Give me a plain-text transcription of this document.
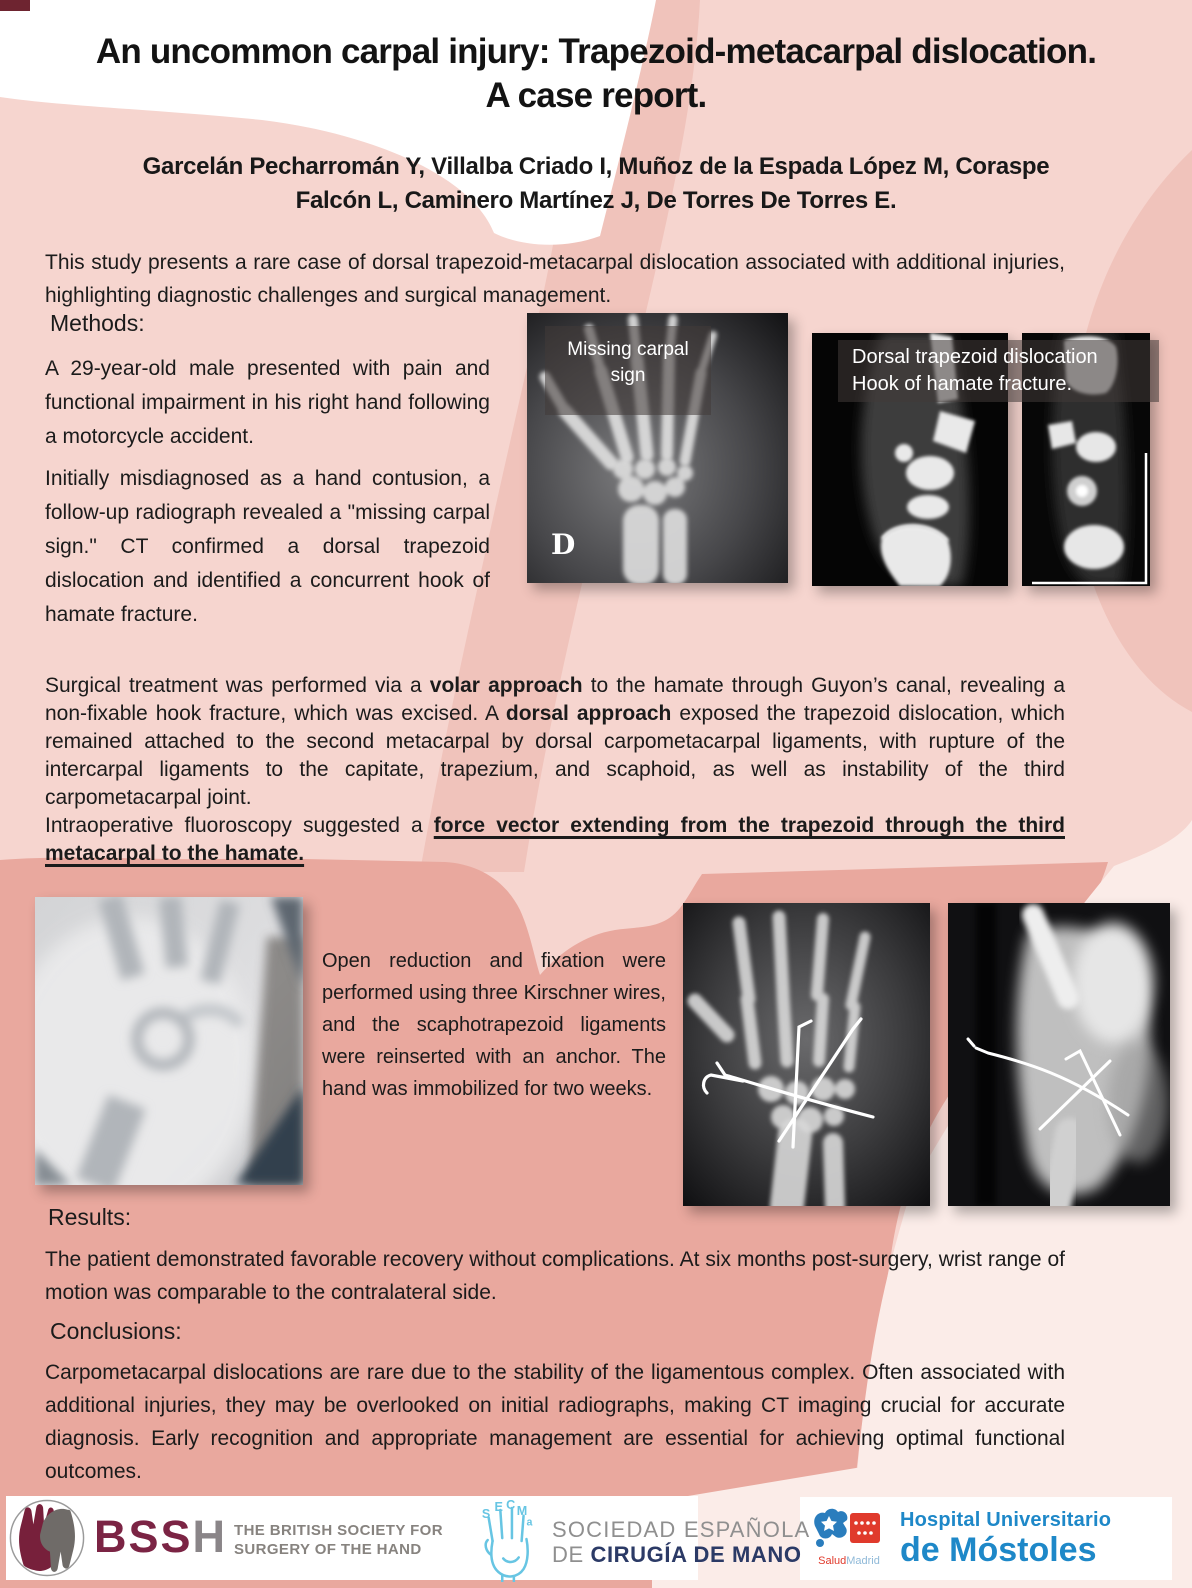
An uncommon carpal injury: Trapezoid-metacarpal dislocation.
A case report.
Garcelán Pecharromán Y, Villalba Criado I, Muñoz de la Espada López M, Coraspe
Falcón L, Caminero Martínez J, De Torres De Torres E.

This study presents a rare case of dorsal trapezoid-metacarpal dislocation associated with additional injuries, highlighting diagnostic challenges and surgical management.

Methods:

A 29-year-old male presented with pain and functional impairment in his right hand following a motorcycle accident.

Initially misdiagnosed as a hand contusion, a follow-up radiograph revealed a "missing carpal sign." CT confirmed a dorsal trapezoid dislocation and identified a concurrent hook of hamate fracture.

Missing carpal
sign
D
Dorsal trapezoid dislocation
Hook of hamate fracture.

Surgical treatment was performed via a volar approach to the hamate through Guyon’s canal, revealing a non-fixable hook fracture, which was excised. A dorsal approach exposed the trapezoid dislocation, which remained attached to the second metacarpal by dorsal carpometacarpal ligaments, with rupture of the intercarpal ligaments to the capitate, trapezium, and scaphoid, as well as instability of the third carpometacarpal joint.

Intraoperative fluoroscopy suggested a force vector extending from the trapezoid through the third metacarpal to the hamate.

Open reduction and fixation were performed using three Kirschner wires, and the scaphotrapezoid ligaments were reinserted with an anchor. The hand was immobilized for two weeks.

Results:

The patient demonstrated favorable recovery without complications. At six months post-surgery, wrist range of motion was comparable to the contralateral side.

Conclusions:

Carpometacarpal dislocations are rare due to the stability of the ligamentous complex. Often associated with additional injuries, they may be overlooked on initial radiographs, making CT imaging crucial for accurate diagnosis. Early recognition and appropriate management are essential for achieving optimal functional outcomes.

BSSH THE BRITISH SOCIETY FOR
SURGERY OF THE HAND
S E C M
a SOCIEDAD ESPAÑOLA
DE CIRUGÍA DE MANO	SaludMadrid
Hospital Universitario
de Móstoles
